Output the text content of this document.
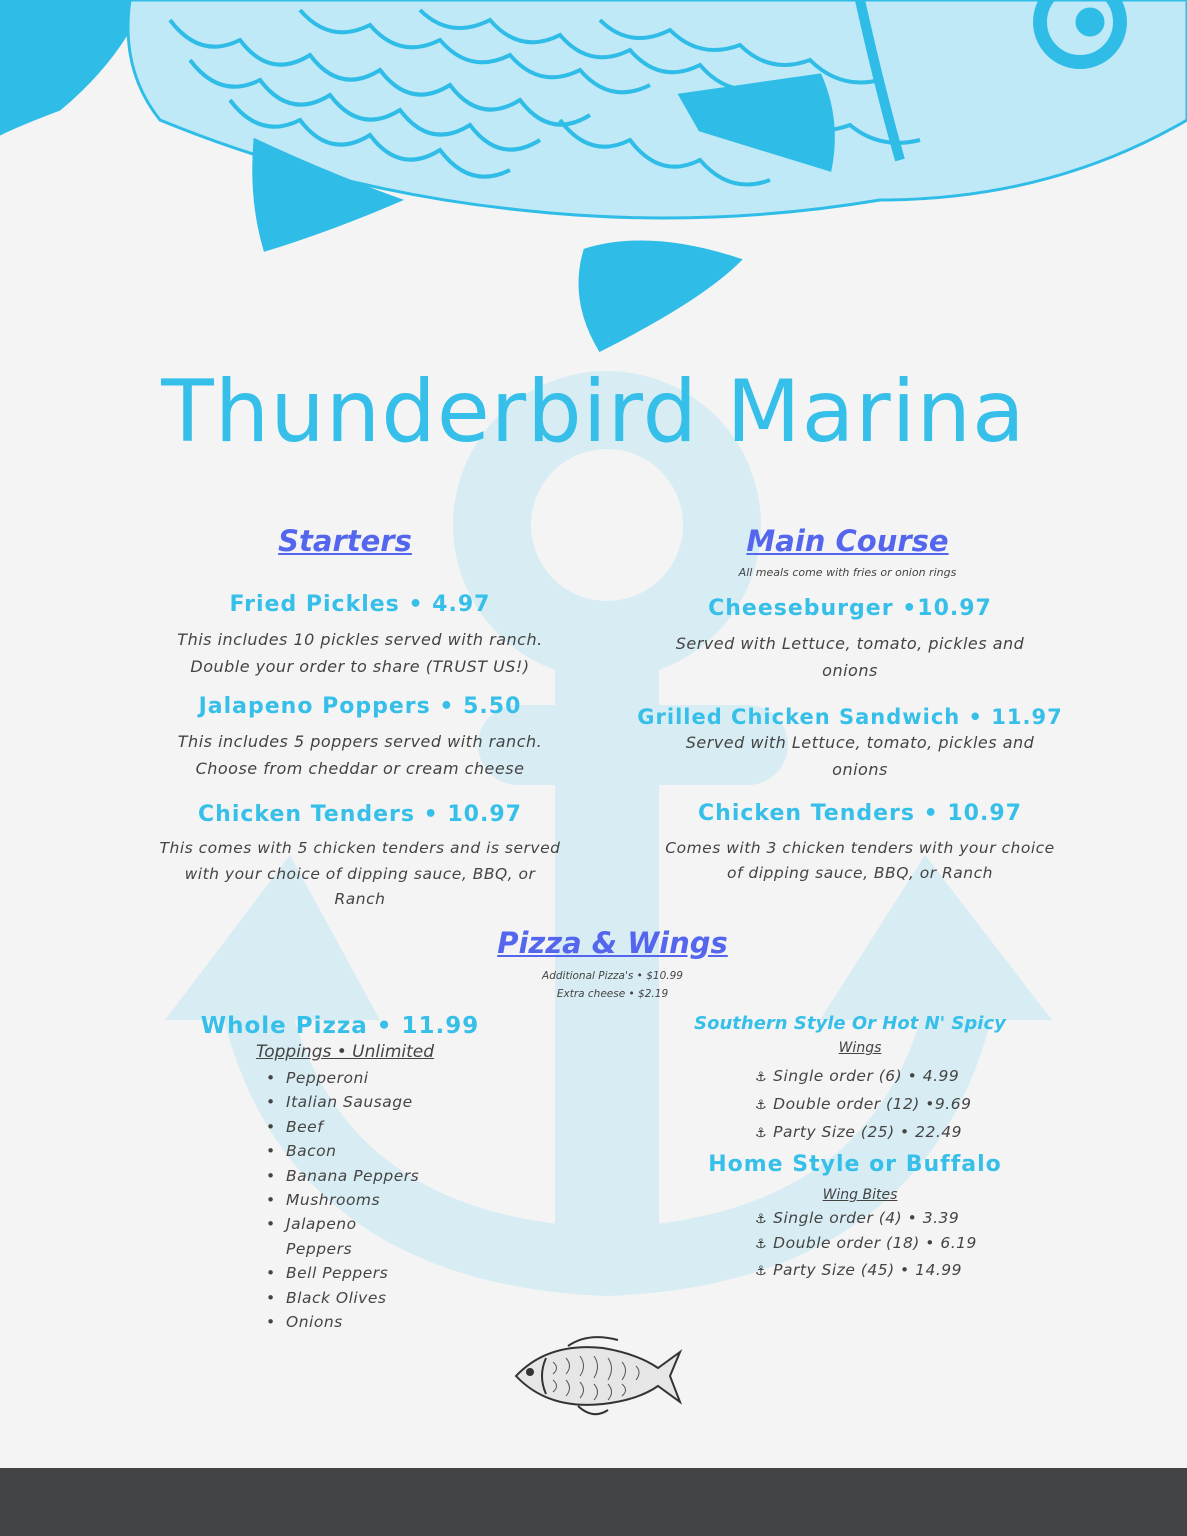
Thunderbird Marina
Starters
Fried Pickles • 4.97
This includes 10 pickles served with ranch.
Double your order to share (TRUST US!)
Jalapeno Poppers • 5.50
This includes 5 poppers served with ranch.
Choose from cheddar or cream cheese
Chicken Tenders • 10.97
This comes with 5 chicken tenders and is served
with your choice of dipping sauce, BBQ, or
Ranch
Main Course
All meals come with fries or onion rings
Cheeseburger •10.97
Served with Lettuce, tomato, pickles and
onions
Grilled Chicken Sandwich • 11.97
Served with Lettuce, tomato, pickles and
onions
Chicken Tenders • 10.97
Comes with 3 chicken tenders with your choice
of dipping sauce, BBQ, or Ranch
Pizza & Wings
Additional Pizza's • $10.99
Extra cheese • $2.19
Whole Pizza • 11.99
Toppings • Unlimited
• Pepperoni
• Italian Sausage
• Beef
• Bacon
• Banana Peppers
• Mushrooms
• Jalapeno
Peppers
• Bell Peppers
• Black Olives
• Onions
Southern Style Or Hot N' Spicy
Wings
⚓ Single order (6) • 4.99
⚓ Double order (12) •9.69
⚓ Party Size (25) • 22.49
Home Style or Buffalo
Wing Bites
⚓ Single order (4) • 3.39
⚓ Double order (18) • 6.19
⚓ Party Size (45) • 14.99
